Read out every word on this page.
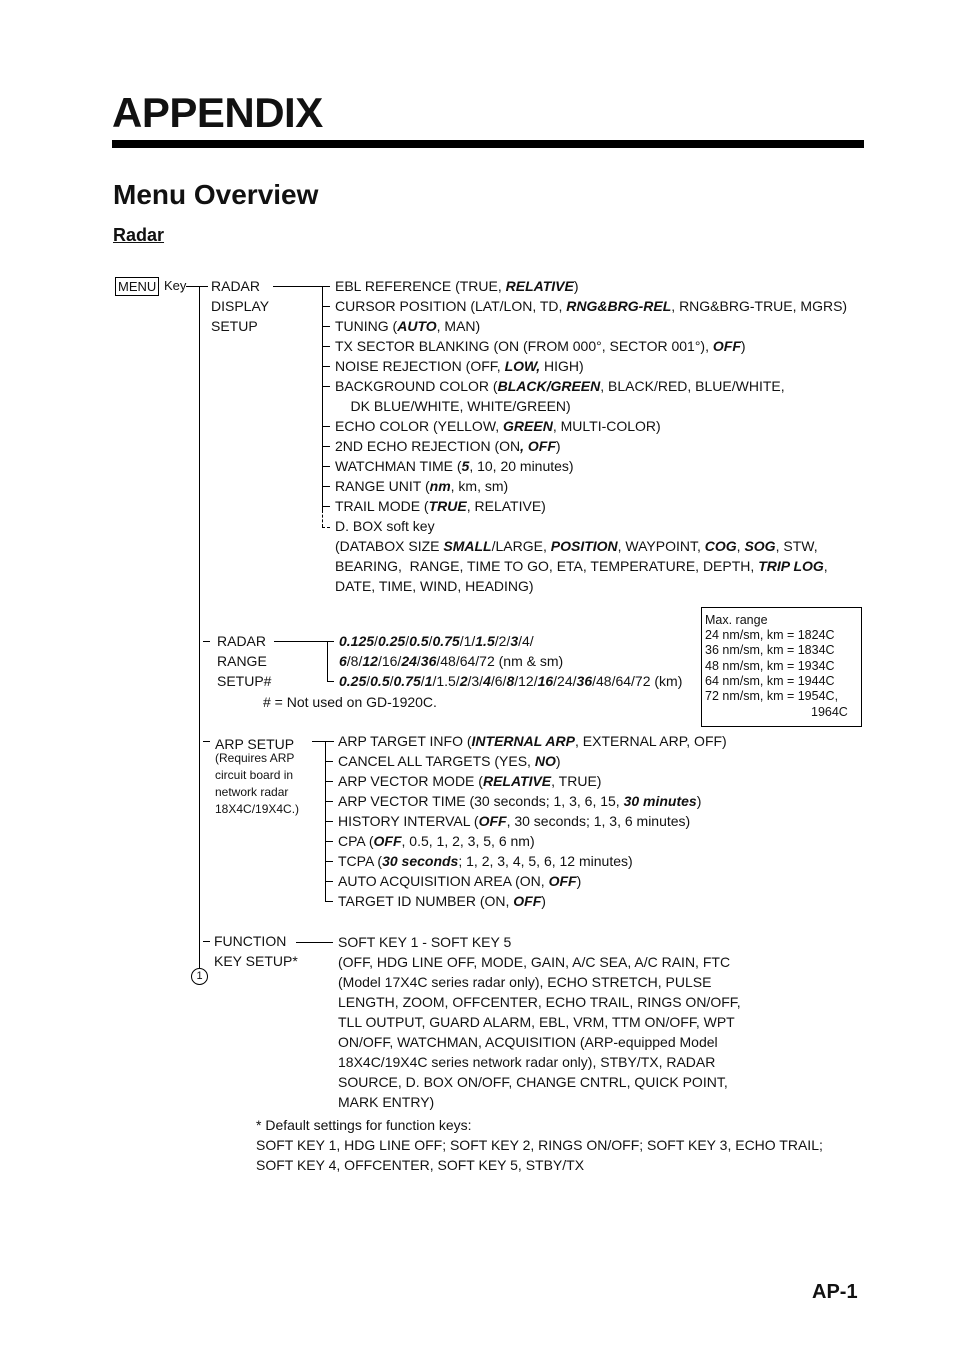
APPENDIX
Menu Overview
Radar
MENU Key RADAR
DISPLAY
SETUP
EBL REFERENCE (TRUE, RELATIVE)
CURSOR POSITION (LAT/LON, TD, RNG&BRG-REL, RNG&BRG-TRUE, MGRS)
TUNING (AUTO, MAN)
TX SECTOR BLANKING (ON (FROM 000°, SECTOR 001°), OFF)
NOISE REJECTION (OFF, LOW, HIGH)
BACKGROUND COLOR (BLACK/GREEN, BLACK/RED, BLUE/WHITE,
DK BLUE/WHITE, WHITE/GREEN)
ECHO COLOR (YELLOW, GREEN, MULTI-COLOR)
2ND ECHO REJECTION (ON, OFF)
WATCHMAN TIME (5, 10, 20 minutes)
RANGE UNIT (nm, km, sm)
TRAIL MODE (TRUE, RELATIVE)
D. BOX soft key
(DATABOX SIZE SMALL/LARGE, POSITION, WAYPOINT, COG, SOG, STW,
BEARING,  RANGE, TIME TO GO, ETA, TEMPERATURE, DEPTH, TRIP LOG,
DATE, TIME, WIND, HEADING)
RADAR
RANGE
SETUP#
0.125/0.25/0.5/0.75/1/1.5/2/3/4/
6/8/12/16/24/36/48/64/72 (nm & sm)
0.25/0.5/0.75/1/1.5/2/3/4/6/8/12/16/24/36/48/64/72 (km)
# = Not used on GD-1920C.
Max. range
24 nm/sm, km = 1824C
36 nm/sm, km = 1834C
48 nm/sm, km = 1934C
64 nm/sm, km = 1944C
72 nm/sm, km = 1954C,
1964C
ARP SETUP
(Requires ARP
circuit board in
network radar
18X4C/19X4C.)
ARP TARGET INFO (INTERNAL ARP, EXTERNAL ARP, OFF)
CANCEL ALL TARGETS (YES, NO)
ARP VECTOR MODE (RELATIVE, TRUE)
ARP VECTOR TIME (30 seconds; 1, 3, 6, 15, 30 minutes)
HISTORY INTERVAL (OFF, 30 seconds; 1, 3, 6 minutes)
CPA (OFF, 0.5, 1, 2, 3, 5, 6 nm)
TCPA (30 seconds; 1, 2, 3, 4, 5, 6, 12 minutes)
AUTO ACQUISITION AREA (ON, OFF)
TARGET ID NUMBER (ON, OFF)
FUNCTION
KEY SETUP*
SOFT KEY 1 - SOFT KEY 5
(OFF, HDG LINE OFF, MODE, GAIN, A/C SEA, A/C RAIN, FTC
(Model 17X4C series radar only), ECHO STRETCH, PULSE
LENGTH, ZOOM, OFFCENTER, ECHO TRAIL, RINGS ON/OFF,
TLL OUTPUT, GUARD ALARM, EBL, VRM, TTM ON/OFF, WPT
ON/OFF, WATCHMAN, ACQUISITION (ARP-equipped Model
18X4C/19X4C series network radar only), STBY/TX, RADAR
SOURCE, D. BOX ON/OFF, CHANGE CNTRL, QUICK POINT,
MARK ENTRY)
* Default settings for function keys:
SOFT KEY 1, HDG LINE OFF; SOFT KEY 2, RINGS ON/OFF; SOFT KEY 3, ECHO TRAIL;
SOFT KEY 4, OFFCENTER, SOFT KEY 5, STBY/TX
1
AP-1
